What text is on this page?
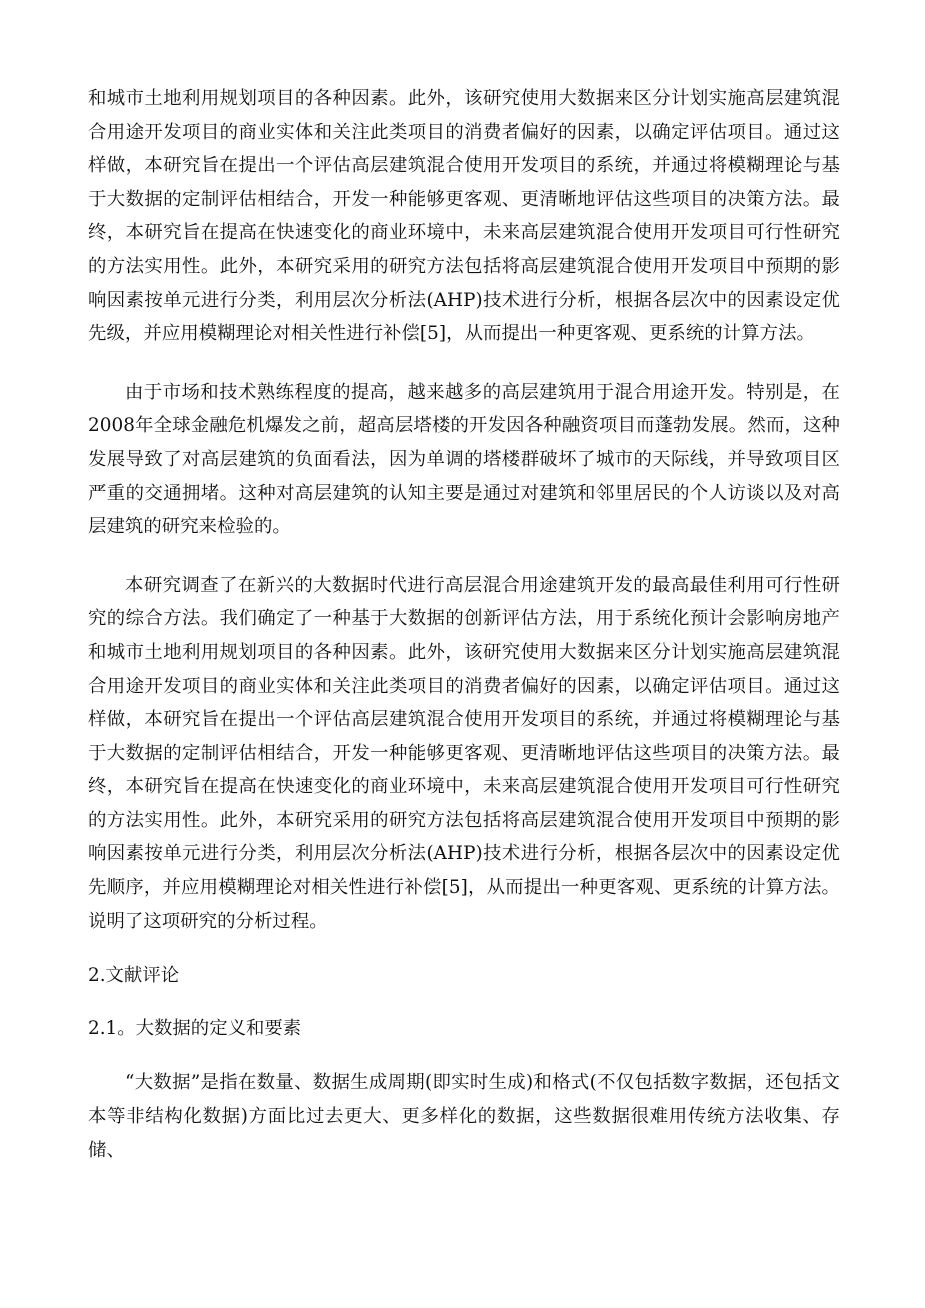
和城市土地利用规划项目的各种因素。此外，该研究使用大数据来区分计划实施高层建筑混合用途开发项目的商业实体和关注此类项目的消费者偏好的因素，以确定评估项目。通过这样做，本研究旨在提出一个评估高层建筑混合使用开发项目的系统，并通过将模糊理论与基于大数据的定制评估相结合，开发一种能够更客观、更清晰地评估这些项目的决策方法。最终，本研究旨在提高在快速变化的商业环境中，未来高层建筑混合使用开发项目可行性研究的方法实用性。此外，本研究采用的研究方法包括将高层建筑混合使用开发项目中预期的影响因素按单元进行分类，利用层次分析法(AHP)技术进行分析，根据各层次中的因素设定优先级，并应用模糊理论对相关性进行补偿[5]，从而提出一种更客观、更系统的计算方法。

由于市场和技术熟练程度的提高，越来越多的高层建筑用于混合用途开发。特别是，在2008年全球金融危机爆发之前，超高层塔楼的开发因各种融资项目而蓬勃发展。然而，这种发展导致了对高层建筑的负面看法，因为单调的塔楼群破坏了城市的天际线，并导致项目区严重的交通拥堵。这种对高层建筑的认知主要是通过对建筑和邻里居民的个人访谈以及对高层建筑的研究来检验的。

本研究调查了在新兴的大数据时代进行高层混合用途建筑开发的最高最佳利用可行性研究的综合方法。我们确定了一种基于大数据的创新评估方法，用于系统化预计会影响房地产和城市土地利用规划项目的各种因素。此外，该研究使用大数据来区分计划实施高层建筑混合用途开发项目的商业实体和关注此类项目的消费者偏好的因素，以确定评估项目。通过这样做，本研究旨在提出一个评估高层建筑混合使用开发项目的系统，并通过将模糊理论与基于大数据的定制评估相结合，开发一种能够更客观、更清晰地评估这些项目的决策方法。最终，本研究旨在提高在快速变化的商业环境中，未来高层建筑混合使用开发项目可行性研究的方法实用性。此外，本研究采用的研究方法包括将高层建筑混合使用开发项目中预期的影响因素按单元进行分类，利用层次分析法(AHP)技术进行分析，根据各层次中的因素设定优先顺序，并应用模糊理论对相关性进行补偿[5]，从而提出一种更客观、更系统的计算方法。说明了这项研究的分析过程。

2.文献评论
2.1。大数据的定义和要素

“大数据”是指在数量、数据生成周期(即实时生成)和格式(不仅包括数字数据，还包括文本等非结构化数据)方面比过去更大、更多样化的数据，这些数据很难用传统方法收集、存储、
